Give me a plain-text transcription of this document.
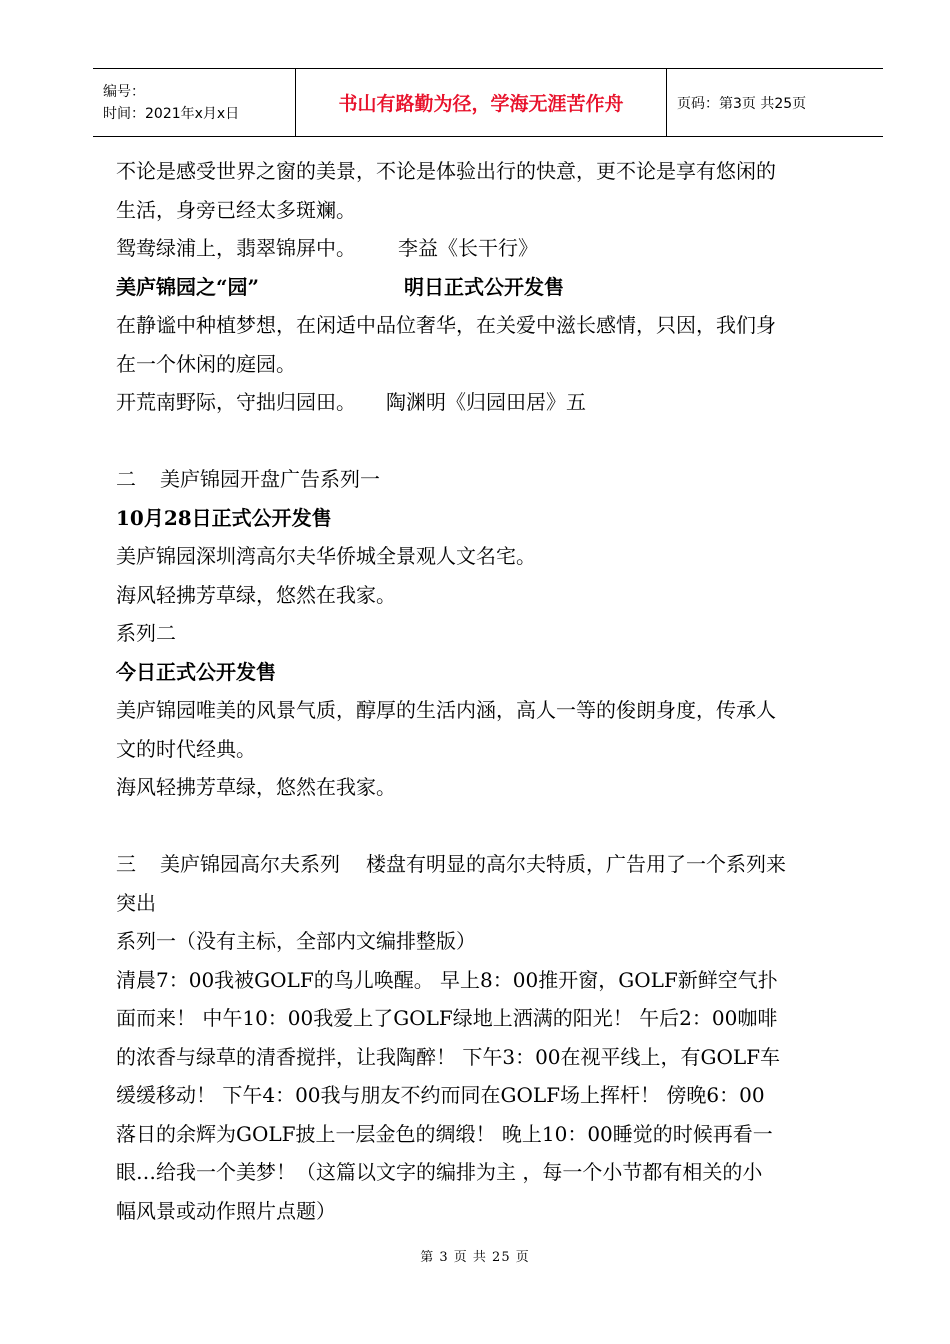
编号：
时间：2021年x月x日	书山有路勤为径，学海无涯苦作舟	页码：第3页 共25页

不论是感受世界之窗的美景，不论是体验出行的快意，更不论是享有悠闲的

生活，身旁已经太多斑斓。

鸳鸯绿浦上，翡翠锦屏中。 李益《长干行》

美庐锦园之“园”	明日正式公开发售

在静谧中种植梦想，在闲适中品位奢华，在关爱中滋长感情，只因，我们身

在一个休闲的庭园。

开荒南野际，守拙归园田。 陶渊明《归园田居》五

二 美庐锦园开盘广告系列一

10月28日正式公开发售

美庐锦园深圳湾高尔夫华侨城全景观人文名宅。

海风轻拂芳草绿，悠然在我家。

系列二

今日正式公开发售

美庐锦园唯美的风景气质，醇厚的生活内涵，高人一等的俊朗身度，传承人

文的时代经典。

海风轻拂芳草绿，悠然在我家。

三 美庐锦园高尔夫系列 楼盘有明显的高尔夫特质，广告用了一个系列来

突出

系列一（没有主标，全部内文编排整版）

清晨7：00我被GOLF的鸟儿唤醒。 早上8：00推开窗，GOLF新鲜空气扑

面而来！ 中午10：00我爱上了GOLF绿地上洒满的阳光！ 午后2：00咖啡

的浓香与绿草的清香搅拌，让我陶醉！ 下午3：00在视平线上，有GOLF车

缓缓移动！ 下午4：00我与朋友不约而同在GOLF场上挥杆！ 傍晚6：00

落日的余辉为GOLF披上一层金色的绸缎！ 晚上10：00睡觉的时候再看一

眼…给我一个美梦！（这篇以文字的编排为主 ，每一个小节都有相关的小

幅风景或动作照片点题）

第 3 页 共 25 页
